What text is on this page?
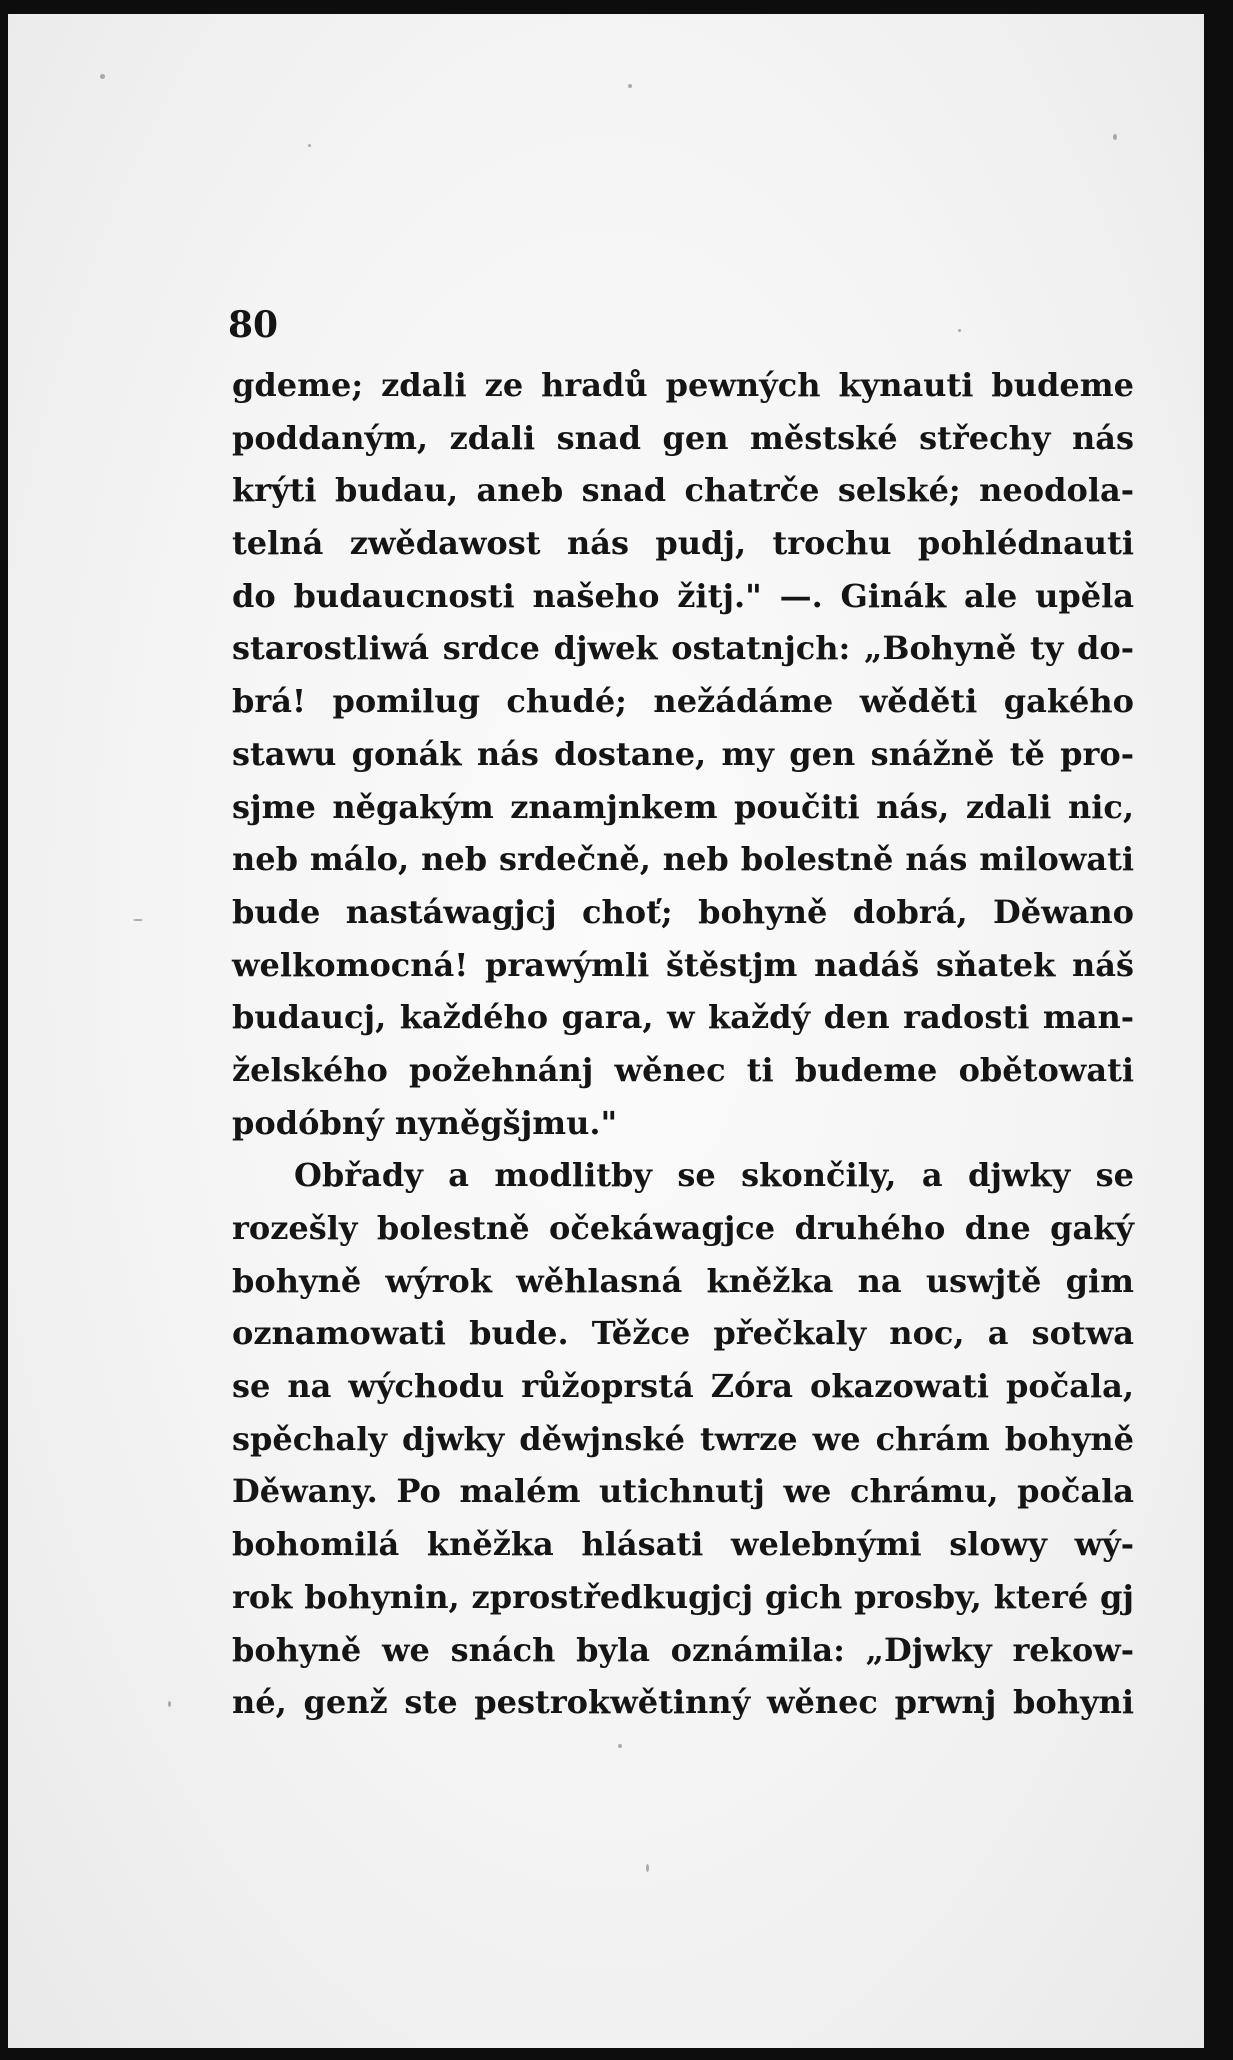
80
gdeme; zdali ze hradů pewných kynauti budeme
poddaným, zdali snad gen městské střechy nás
krýti budau, aneb snad chatrče selské; neodola-
telná zwědawost nás pudj, trochu pohlédnauti
do budaucnosti našeho žitj." —. Ginák ale upěla
starostliwá srdce djwek ostatnjch: „Bohyně ty do-
brá! pomilug chudé; nežádáme wěděti gakého
stawu gonák nás dostane, my gen snážně tě pro-
sjme něgakým znamjnkem poučiti nás, zdali nic,
neb málo, neb srdečně, neb bolestně nás milowati
bude nastáwagjcj choť; bohyně dobrá, Děwano
welkomocná! prawýmli štěstjm nadáš sňatek náš
budaucj, každého gara, w každý den radosti man-
želského požehnánj wěnec ti budeme obětowati
podóbný nyněgšjmu."
Obřady a modlitby se skončily, a djwky se
rozešly bolestně očekáwagjce druhého dne gaký
bohyně wýrok wěhlasná kněžka na uswjtě gim
oznamowati bude. Těžce přečkaly noc, a sotwa
se na wýchodu růžoprstá Zóra okazowati počala,
spěchaly djwky děwjnské twrze we chrám bohyně
Děwany. Po malém utichnutj we chrámu, počala
bohomilá kněžka hlásati welebnými slowy wý-
rok bohynin, zprostředkugjcj gich prosby, které gj
bohyně we snách byla oznámila: „Djwky rekow-
né, genž ste pestrokwětinný wěnec prwnj bohyni
